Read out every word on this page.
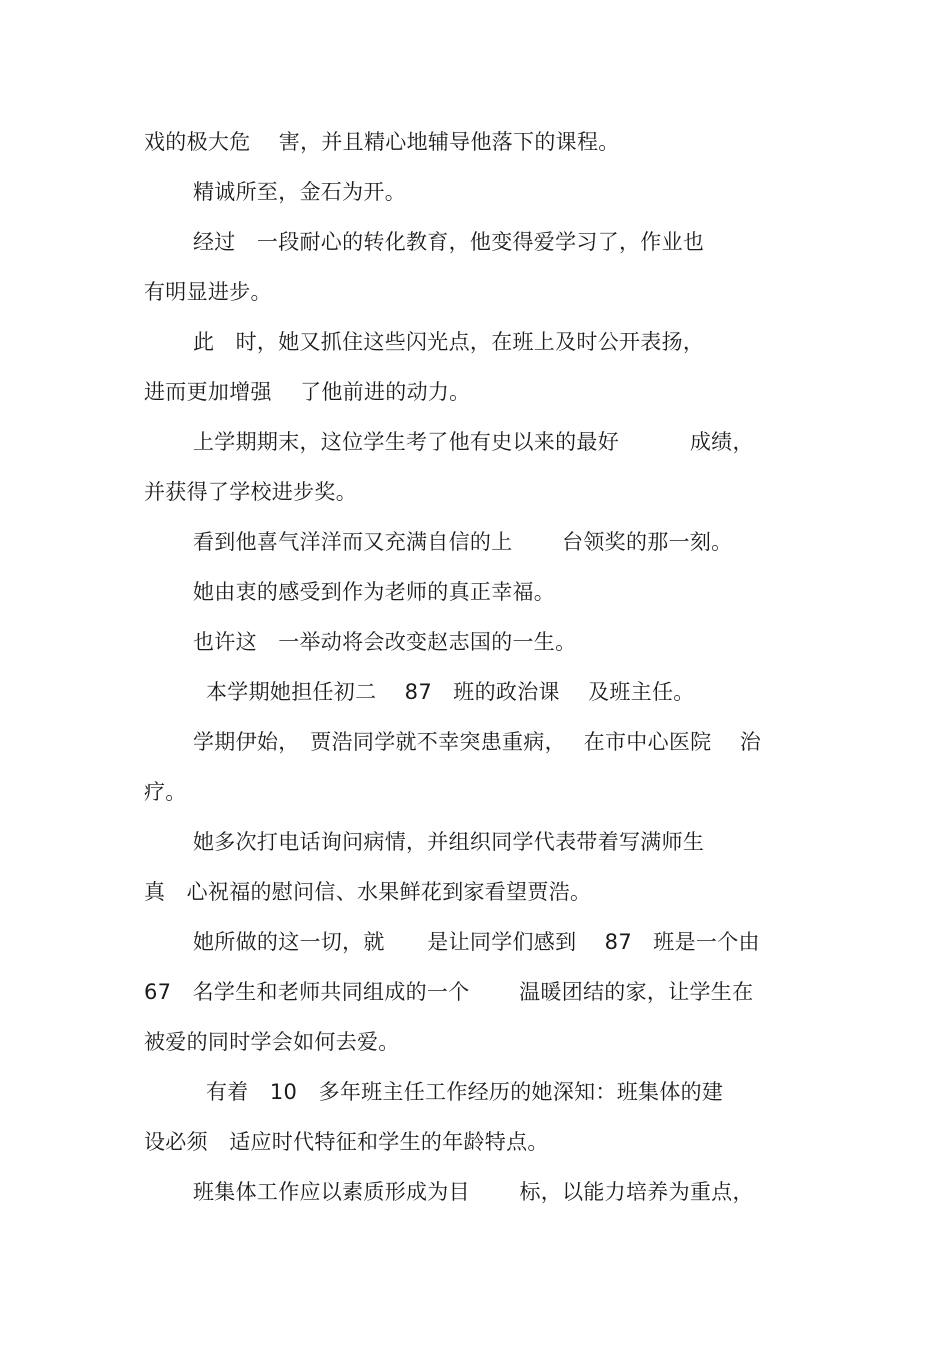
戏的极大危　 害，并且精心地辅导他落下的课程。
精诚所至，金石为开。
经过　一段耐心的转化教育，他变得爱学习了，作业也
有明显进步。
此　时，她又抓住这些闪光点，在班上及时公开表扬，
进而更加增强　 了他前进的动力。
上学期期末，这位学生考了他有史以来的最好　　　 成绩，
并获得了学校进步奖。
看到他喜气洋洋而又充满自信的上　　 台领奖的那一刻。
她由衷的感受到作为老师的真正幸福。
也许这　一举动将会改变赵志国的一生。
本学期她担任初二　 87　班的政治课　 及班主任。
学期伊始，　贾浩同学就不幸突患重病，　 在市中心医院　 治
疗。
她多次打电话询问病情，并组织同学代表带着写满师生
真　心祝福的慰问信、水果鲜花到家看望贾浩。
她所做的这一切，就　　是让同学们感到　 87　班是一个由
67　名学生和老师共同组成的一个　　 温暖团结的家，让学生在
被爱的同时学会如何去爱。
有着　10　多年班主任工作经历的她深知：班集体的建
设必须　适应时代特征和学生的年龄特点。
班集体工作应以素质形成为目　　 标，以能力培养为重点，
